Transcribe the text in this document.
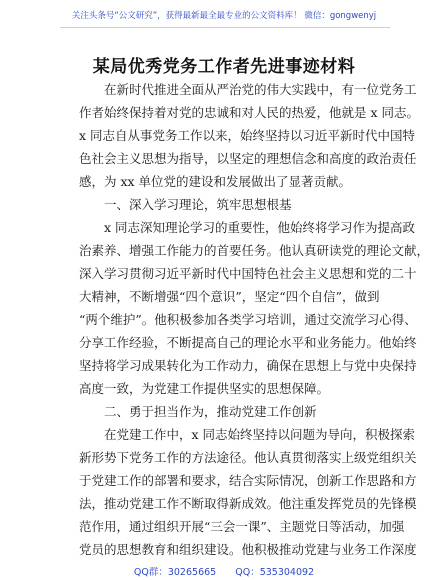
关注头条号“公文研究”，获得最新最全最专业的公文资料库！ 微信：gongwenyj
某局优秀党务工作者先进事迹材料
　　在新时代推进全面从严治党的伟大实践中，有一位党务工
作者始终保持着对党的忠诚和对人民的热爱，他就是 x 同志。
x 同志自从事党务工作以来，始终坚持以习近平新时代中国特
色社会主义思想为指导，以坚定的理想信念和高度的政治责任
感，为 xx 单位党的建设和发展做出了显著贡献。
　　一、深入学习理论，筑牢思想根基
　　x 同志深知理论学习的重要性，他始终将学习作为提高政
治素养、增强工作能力的首要任务。他认真研读党的理论文献，
深入学习贯彻习近平新时代中国特色社会主义思想和党的二十
大精神，不断增强“四个意识”，坚定“四个自信”，做到
“两个维护”。他积极参加各类学习培训，通过交流学习心得、
分享工作经验，不断提高自己的理论水平和业务能力。他始终
坚持将学习成果转化为工作动力，确保在思想上与党中央保持
高度一致，为党建工作提供坚实的思想保障。
　　二、勇于担当作为，推动党建工作创新
　　在党建工作中，x 同志始终坚持以问题为导向，积极探索
新形势下党务工作的方法途径。他认真贯彻落实上级党组织关
于党建工作的部署和要求，结合实际情况，创新工作思路和方
法，推动党建工作不断取得新成效。他注重发挥党员的先锋模
范作用，通过组织开展“三会一课”、主题党日等活动，加强
党员的思想教育和组织建设。他积极推动党建与业务工作深度
QQ群：30265665 QQ：535304092
